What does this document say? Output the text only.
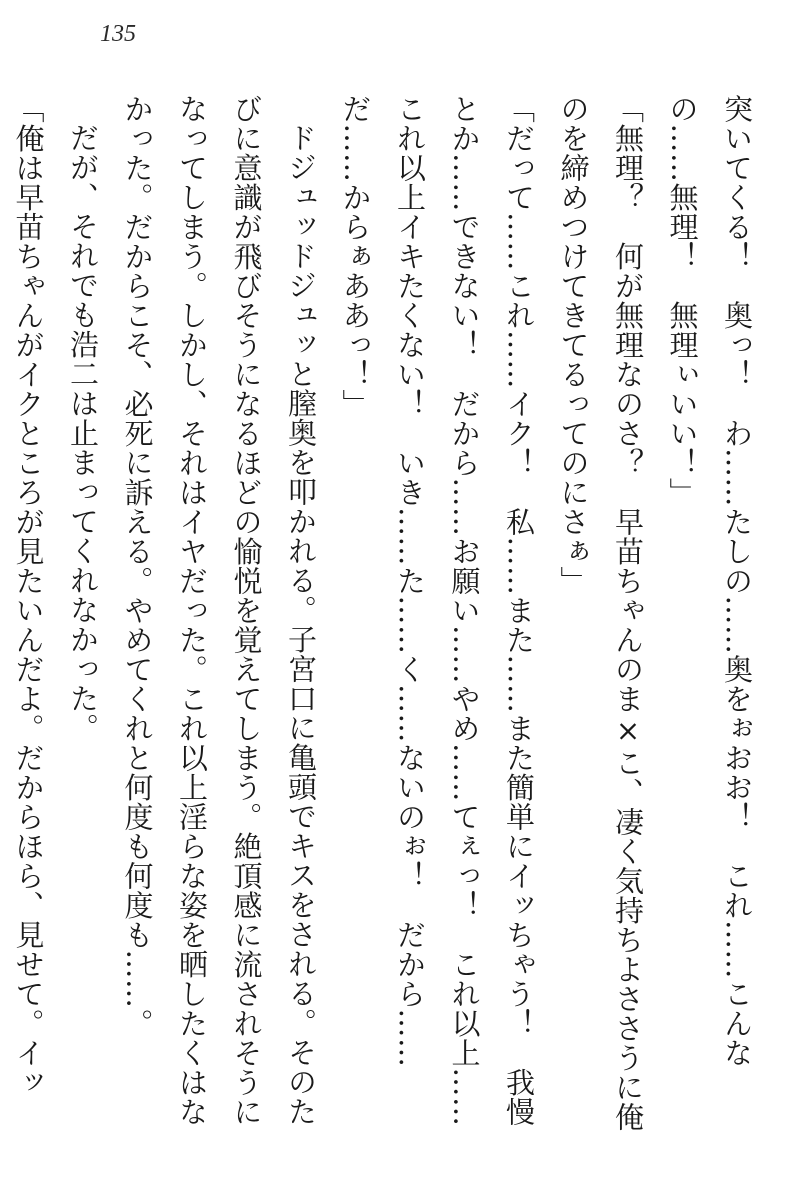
135

突いてくる！　奥っ！　わ……たしの……奥をぉおお！　これ……こんなの……無理！　無理ぃいい！」

「無理？　何が無理なのさ？　早苗ちゃんのま×こ、凄く気持ちよささうに俺のを締めつけてきてるってのにさぁ」

「だって……これ……イク！　私……また……また簡単にイッちゃう！　我慢とか……できない！　だから……お願い……やめ……てぇっ！　これ以上……これ以上イキたくない！　いき……た……く……ないのぉ！　だから……だ……からぁああっ！」

ドジュッドジュッと膣奥を叩かれる。子宮口に亀頭でキスをされる。そのたびに意識が飛びそうになるほどの愉悦を覚えてしまう。絶頂感に流されそうになってしまう。しかし、それはイヤだった。これ以上淫らな姿を晒したくはなかった。だからこそ、必死に訴える。やめてくれと何度も何度も……。

だが、それでも浩二は止まってくれなかった。

「俺は早苗ちゃんがイクところが見たいんだよ。だからほら、見せて。イッ　
